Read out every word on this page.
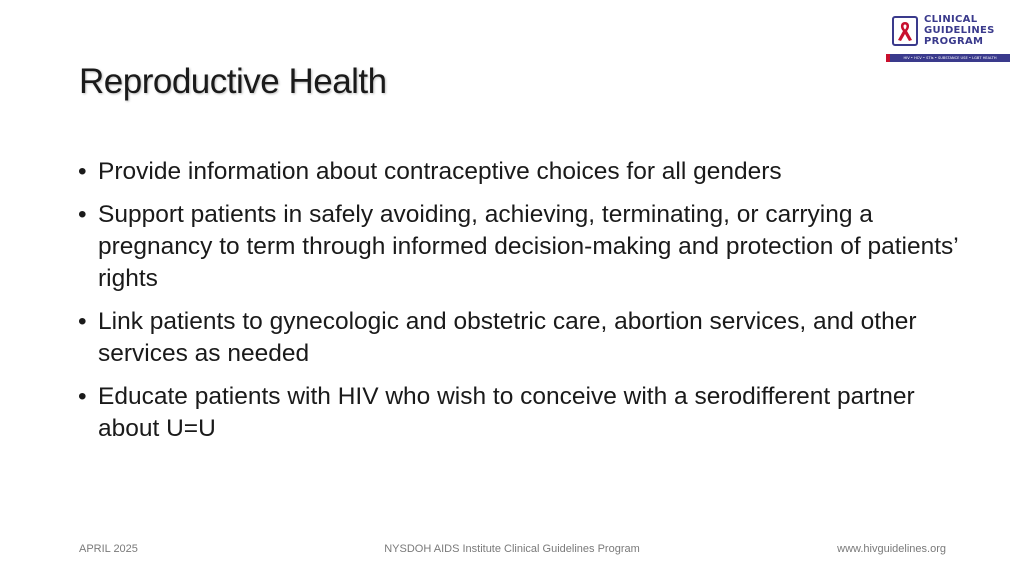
Reproductive Health
CLINICAL
GUIDELINES
PROGRAM
HIV • HCV • STIs • SUBSTANCE USE • LGBT HEALTH
• Provide information about contraceptive choices for all genders
• Support patients in safely avoiding, achieving, terminating, or carrying a pregnancy to term through informed decision-making and protection of patients’ rights
• Link patients to gynecologic and obstetric care, abortion services, and other services as needed
• Educate patients with HIV who wish to conceive with a serodifferent partner about U=U
APRIL 2025	NYSDOH AIDS Institute Clinical Guidelines Program	www.hivguidelines.org
